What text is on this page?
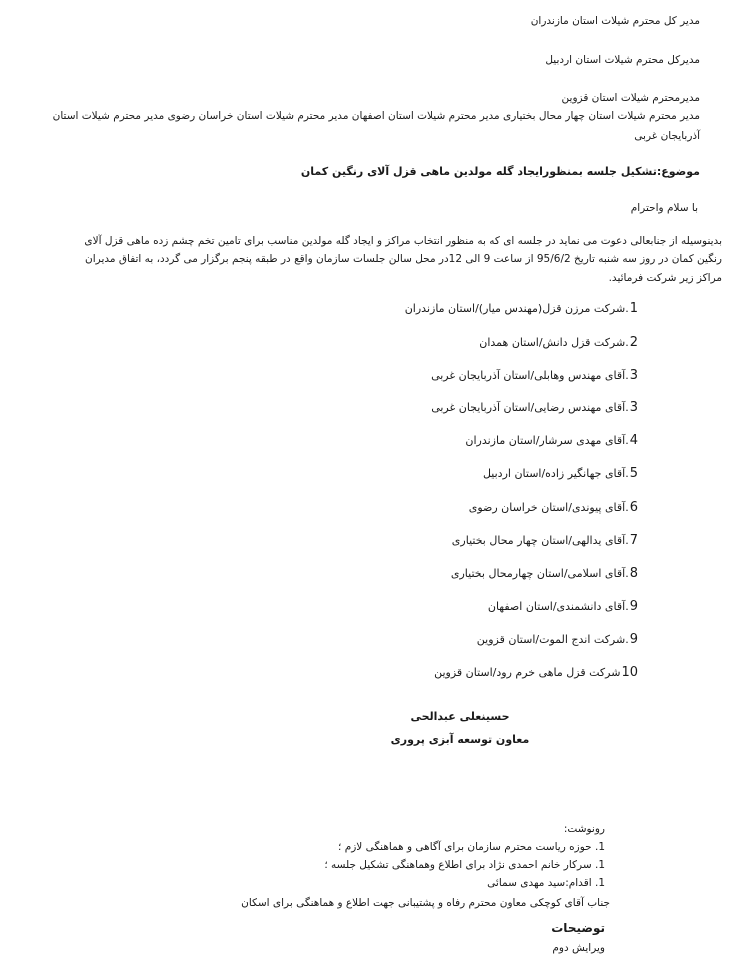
مدیر کل محترم شیلات استان مازندران
مدیرکل محترم شیلات استان اردبیل
مدیرمحترم شیلات استان قزوین
مدیر محترم شیلات استان چهار محال بختیاری مدیر محترم شیلات استان اصفهان مدیر محترم شیلات استان خراسان رضوی مدیر محترم شیلات استان
آذربایجان غربی
موضوع:تشکیل جلسه بمنظورایجاد گله مولدین ماهی قزل آلای رنگین کمان
با سلام واحترام
بدینوسیله از جنابعالی دعوت می نماید در جلسه ای که به منظور انتخاب مراکز و ایجاد گله مولدین مناسب برای تامین تخم چشم زده ماهی قزل آلای
رنگین کمان در روز سه شنبه تاریخ 95/6/2 از ساعت 9 الی 12در محل سالن جلسات سازمان واقع در طبقه پنجم برگزار می گردد، به اتفاق مدیران
مراکز زیر شرکت فرمائید.
1.شرکت مرزن قزل(مهندس میار)/استان مازندران
2.شرکت قزل دانش/استان همدان
3.آقای مهندس وهابلی/استان آذربایجان غربی
3.آقای مهندس رضایی/استان آذربایجان غربی
4.آقای مهدی سرشار/استان مازندران
5.آقای جهانگیر زاده/استان اردبیل
6.آقای پیوندی/استان خراسان رضوی
7.آقای یدالهی/استان چهار محال بختیاری
8.آقای اسلامی/استان چهارمحال بختیاری
9.آقای دانشمندی/استان اصفهان
9.شرکت اندج الموت/استان قزوین
10شرکت قزل ماهی خرم رود/استان قزوین
حسینعلی عبدالحی
معاون توسعه آبزی پروری
رونوشت:
1. حوزه ریاست محترم سازمان برای آگاهی و هماهنگی لازم ؛
1. سرکار خانم احمدی نژاد برای اطلاع وهماهنگی تشکیل جلسه ؛
1. اقدام:سید مهدی سمائی
جناب آقای کوچکی معاون محترم رفاه و پشتیبانی جهت اطلاع و هماهنگی برای اسکان
توضیحات
ویرایش دوم
